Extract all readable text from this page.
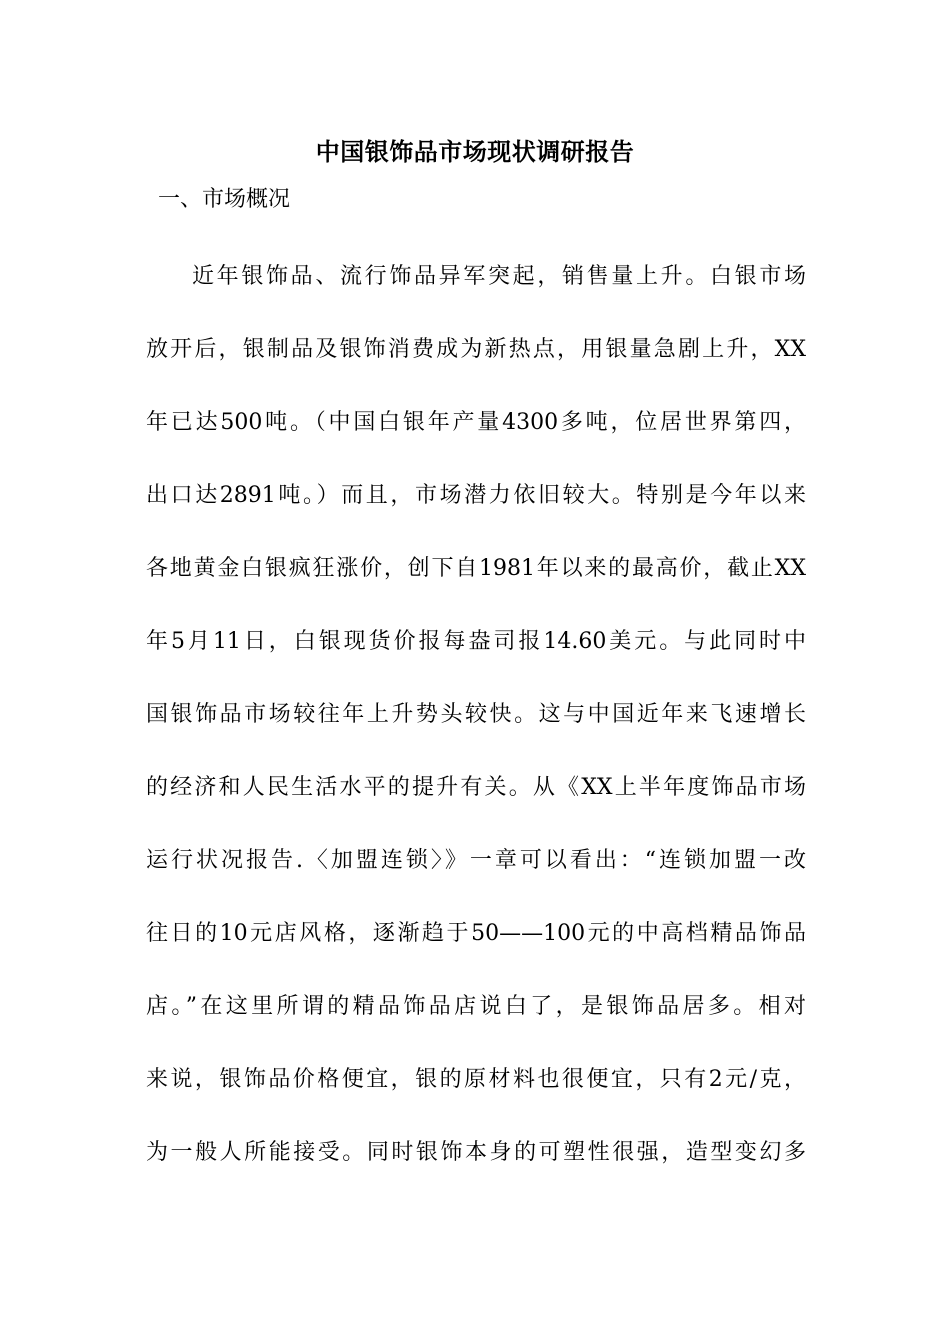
中国银饰品市场现状调研报告
一、市场概况
近年银饰品、流行饰品异军突起，销售量上升。白银市场
放开后，银制品及银饰消费成为新热点，用银量急剧上升，XX
年已达500吨。（中国白银年产量4300多吨，位居世界第四，
出口达2891吨。）而且，市场潜力依旧较大。特别是今年以来
各地黄金白银疯狂涨价，创下自1981年以来的最高价，截止XX
年5月11日，白银现货价报每盎司报14.60美元。与此同时中
国银饰品市场较往年上升势头较快。这与中国近年来飞速增长
的经济和人民生活水平的提升有关。从《XX上半年度饰品市场
运行状况报告.〈加盟连锁〉》一章可以看出：“连锁加盟一改
往日的10元店风格，逐渐趋于50——100元的中高档精品饰品
店。”在这里所谓的精品饰品店说白了，是银饰品居多。相对
来说，银饰品价格便宜，银的原材料也很便宜，只有2元/克，
为一般人所能接受。同时银饰本身的可塑性很强，造型变幻多
